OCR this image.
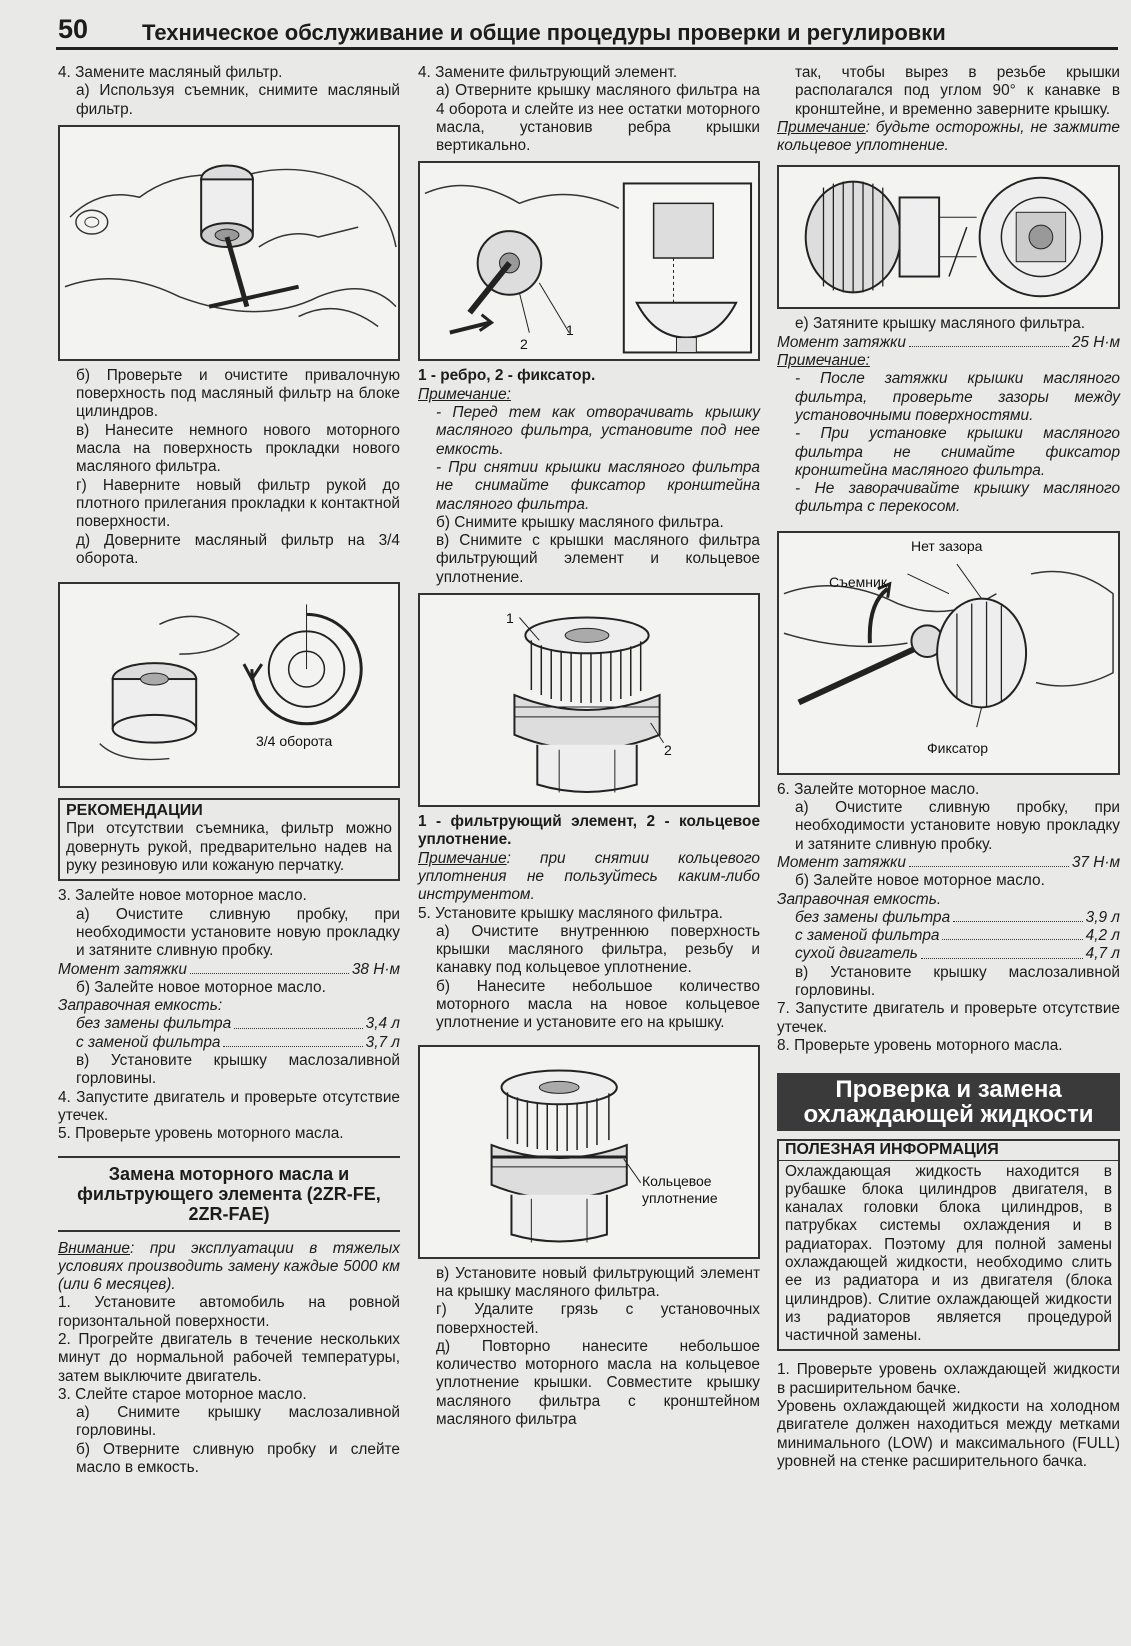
50 Техническое обслуживание и общие процедуры проверки и регулировки

4. Замените масляный фильтр.

а) Используя съемник, снимите масляный фильтр.

б) Проверьте и очистите привалочную поверхность под масляный фильтр на блоке цилиндров.

в) Нанесите немного нового моторного масла на поверхность прокладки нового масляного фильтра.

г) Наверните новый фильтр рукой до плотного прилегания прокладки к контактной поверхности.

д) Доверните масляный фильтр на 3/4 оборота.

3/4 оборота
РЕКОМЕНДАЦИИ

При отсутствии съемника, фильтр можно довернуть рукой, предварительно надев на руку резиновую или кожаную перчатку.

3. Залейте новое моторное масло.

а) Очистите сливную пробку, при необходимости установите новую прокладку и затяните сливную пробку.

Момент затяжки	38 Н·м

б) Залейте новое моторное масло.

Заправочная емкость:

без замены фильтра	3,4 л
с заменой фильтра	3,7 л

в) Установите крышку маслозаливной горловины.

4. Запустите двигатель и проверьте отсутствие утечек.

5. Проверьте уровень моторного масла.

Замена моторного масла и фильтрующего элемента (2ZR-FE, 2ZR-FAE)

Внимание: при эксплуатации в тяжелых условиях производить замену каждые 5000 км (или 6 месяцев).

1. Установите автомобиль на ровной горизонтальной поверхности.

2. Прогрейте двигатель в течение нескольких минут до нормальной рабочей температуры, затем выключите двигатель.

3. Слейте старое моторное масло.

а) Снимите крышку маслозаливной горловины.

б) Отверните сливную пробку и слейте масло в емкость.

4. Замените фильтрующий элемент.

а) Отверните крышку масляного фильтра на 4 оборота и слейте из нее остатки моторного масла, установив ребра крышки вертикально.

1
2

1 - ребро, 2 - фиксатор.

Примечание:

- Перед тем как отворачивать крышку масляного фильтра, установите под нее емкость.

- При снятии крышки масляного фильтра не снимайте фиксатор кронштейна масляного фильтра.

б) Снимите крышку масляного фильтра.

в) Снимите с крышки масляного фильтра фильтрующий элемент и кольцевое уплотнение.

1
2

1 - фильтрующий элемент, 2 - кольцевое уплотнение.

Примечание: при снятии кольцевого уплотнения не пользуйтесь каким-либо инструментом.

5. Установите крышку масляного фильтра.

а) Очистите внутреннюю поверхность крышки масляного фильтра, резьбу и канавку под кольцевое уплотнение.

б) Нанесите небольшое количество моторного масла на новое кольцевое уплотнение и установите его на крышку.

Кольцевое уплотнение

в) Установите новый фильтрующий элемент на крышку масляного фильтра.

г) Удалите грязь с установочных поверхностей.

д) Повторно нанесите небольшое количество моторного масла на кольцевое уплотнение крышки. Совместите крышку масляного фильтра с кронштейном масляного фильтра

так, чтобы вырез в резьбе крышки располагался под углом 90° к канавке в кронштейне, и временно заверните крышку.

Примечание: будьте осторожны, не зажмите кольцевое уплотнение.

е) Затяните крышку масляного фильтра.

Момент затяжки	25 Н·м

Примечание:

- После затяжки крышки масляного фильтра, проверьте зазоры между установочными поверхностями.

- При установке крышки масляного фильтра не снимайте фиксатор кронштейна масляного фильтра.

- Не заворачивайте крышку масляного фильтра с перекосом.

Нет зазора
Съемник
Фиксатор

6. Залейте моторное масло.

а) Очистите сливную пробку, при необходимости установите новую прокладку и затяните сливную пробку.

Момент затяжки	37 Н·м

б) Залейте новое моторное масло.

Заправочная емкость.

без замены фильтра	3,9 л
с заменой фильтра	4,2 л
сухой двигатель	4,7 л

в) Установите крышку маслозаливной горловины.

7. Запустите двигатель и проверьте отсутствие утечек.

8. Проверьте уровень моторного масла.

Проверка и замена охлаждающей жидкости
ПОЛЕЗНАЯ ИНФОРМАЦИЯ

Охлаждающая жидкость находится в рубашке блока цилиндров двигателя, в каналах головки блока цилиндров, в патрубках системы охлаждения и в радиаторах. Поэтому для полной замены охлаждающей жидкости, необходимо слить ее из радиатора и из двигателя (блока цилиндров). Слитие охлаждающей жидкости из радиаторов является процедурой частичной замены.

1. Проверьте уровень охлаждающей жидкости в расширительном бачке.

Уровень охлаждающей жидкости на холодном двигателе должен находиться между метками минимального (LOW) и максимального (FULL) уровней на стенке расширительного бачка.
